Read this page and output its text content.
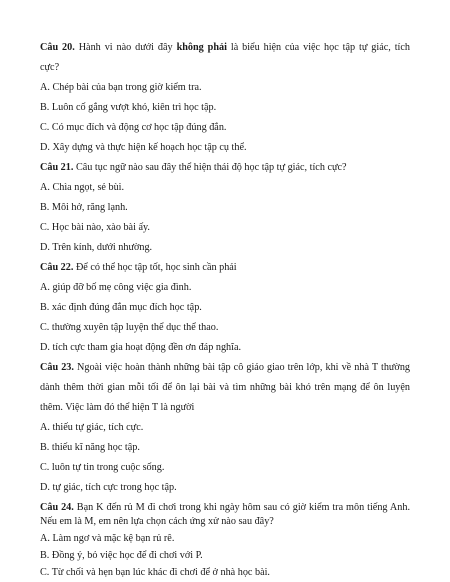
Câu 20. Hành vi nào dưới đây không phải là biểu hiện của việc học tập tự giác, tích
cực?
A. Chép bài của bạn trong giờ kiểm tra.
B. Luôn cố gắng vượt khó, kiên trì học tập.
C. Có mục đích và động cơ học tập đúng đắn.
D. Xây dựng và thực hiện kế hoạch học tập cụ thể.
Câu 21. Câu tục ngữ nào sau đây thể hiện thái độ học tập tự giác, tích cực?
A. Chìa ngọt, sẻ bùi.
B. Môi hở, răng lạnh.
C. Học bài nào, xào bài ấy.
D. Trên kính, dưới nhường.
Câu 22. Để có thể học tập tốt, học sinh cần phải
A. giúp đỡ bố mẹ công việc gia đình.
B. xác định đúng đắn mục đích học tập.
C. thường xuyên tập luyện thể dục thể thao.
D. tích cực tham gia hoạt động đền ơn đáp nghĩa.
Câu 23. Ngoài việc hoàn thành những bài tập cô giáo giao trên lớp, khi về nhà T thường
dành thêm thời gian mỗi tối để ôn lại bài và tìm những bài khó trên mạng để ôn luyện
thêm. Việc làm đó thể hiện T là người
A. thiếu tự giác, tích cực.
B. thiếu kĩ năng học tập.
C. luôn tự tin trong cuộc sống.
D. tự giác, tích cực trong học tập.
Câu 24. Bạn K đến rủ M đi chơi trong khi ngày hôm sau có giờ kiểm tra môn tiếng Anh.
Nếu em là M, em nên lựa chọn cách ứng xử nào sau đây?
A. Làm ngơ và mặc kệ bạn rủ rê.
B. Đồng ý, bỏ việc học để đi chơi với P.
C. Từ chối và hẹn bạn lúc khác đi chơi để ở nhà học bài.
